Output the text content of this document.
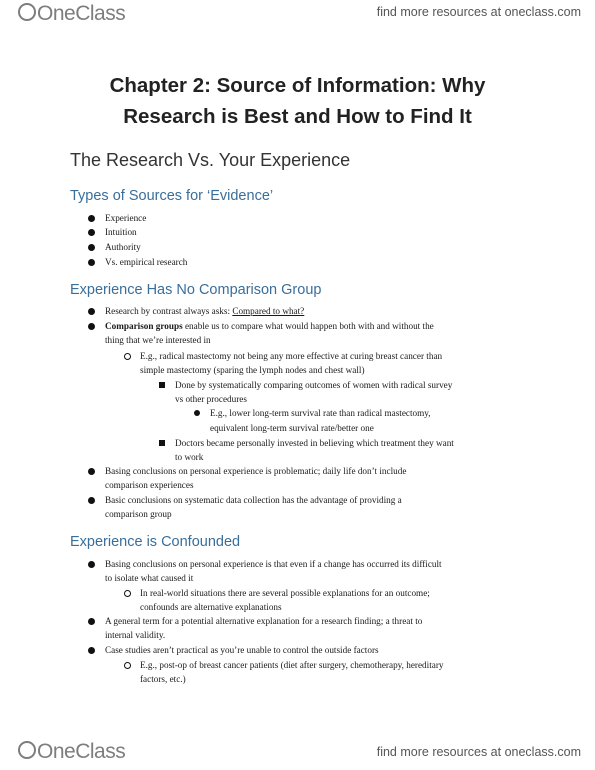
OneClass	find more resources at oneclass.com
Chapter 2: Source of Information: Why
Research is Best and How to Find It
The Research Vs. Your Experience
Types of Sources for ‘Evidence’
Experience
Intuition
Authority
Vs. empirical research
Experience Has No Comparison Group
Research by contrast always asks: Compared to what?
Comparison groups enable us to compare what would happen both with and without the
thing that we’re interested in
E.g., radical mastectomy not being any more effective at curing breast cancer than
simple mastectomy (sparing the lymph nodes and chest wall)
Done by systematically comparing outcomes of women with radical survey
vs other procedures
E.g., lower long-term survival rate than radical mastectomy,
equivalent long-term survival rate/better one
Doctors became personally invested in believing which treatment they want
to work
Basing conclusions on personal experience is problematic; daily life don’t include
comparison experiences
Basic conclusions on systematic data collection has the advantage of providing a
comparison group
Experience is Confounded
Basing conclusions on personal experience is that even if a change has occurred its difficult
to isolate what caused it
In real-world situations there are several possible explanations for an outcome;
confounds are alternative explanations
A general term for a potential alternative explanation for a research finding; a threat to
internal validity.
Case studies aren’t practical as you’re unable to control the outside factors
E.g., post-op of breast cancer patients (diet after surgery, chemotherapy, hereditary
factors, etc.)
OneClass	find more resources at oneclass.com
